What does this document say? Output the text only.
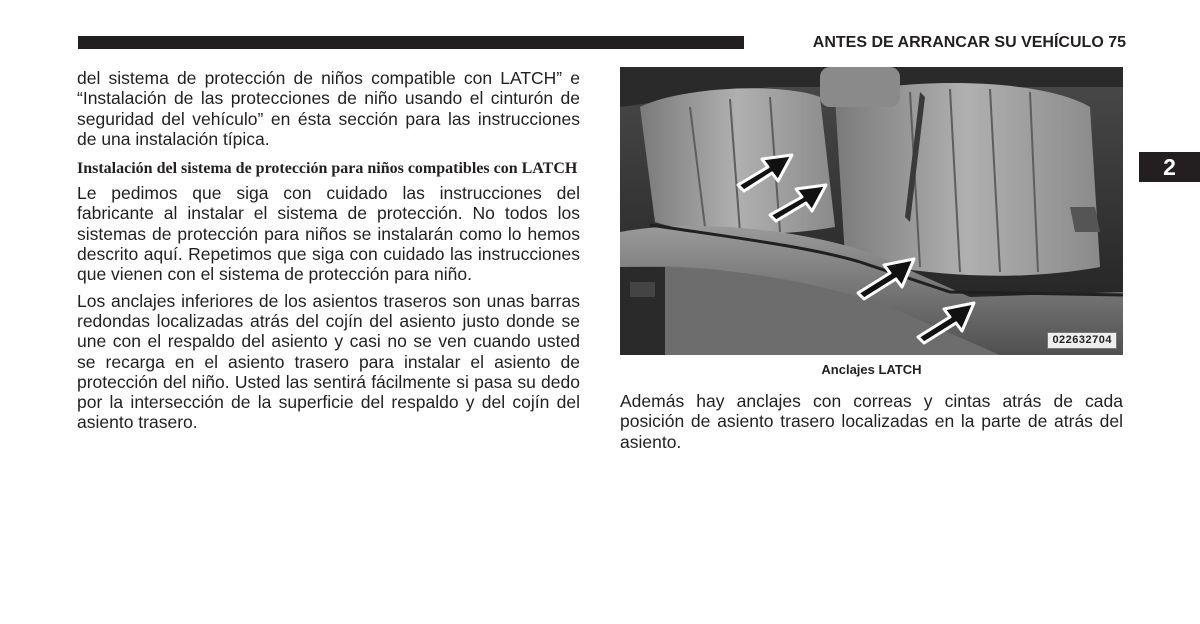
ANTES DE ARRANCAR SU VEHÍCULO 75
2

del sistema de protección de niños compatible con LATCH” e “Instalación de las protecciones de niño usando el cinturón de seguridad del vehículo” en ésta sección para las instrucciones de una instalación típica.

Instalación del sistema de protección para niños compatibles con LATCH

Le pedimos que siga con cuidado las instrucciones del fabricante al instalar el sistema de protección. No todos los sistemas de protección para niños se instalarán como lo hemos descrito aquí. Repetimos que siga con cuidado las instrucciones que vienen con el sistema de protección para niño.

Los anclajes inferiores de los asientos traseros son unas barras redondas localizadas atrás del cojín del asiento justo donde se une con el respaldo del asiento y casi no se ven cuando usted se recarga en el asiento trasero para instalar el asiento de protección del niño. Usted las sentirá fácilmente si pasa su dedo por la intersección de la superficie del respaldo y del cojín del asiento trasero.

022632704
Anclajes LATCH

Además hay anclajes con correas y cintas atrás de cada posición de asiento trasero localizadas en la parte de atrás del asiento.
